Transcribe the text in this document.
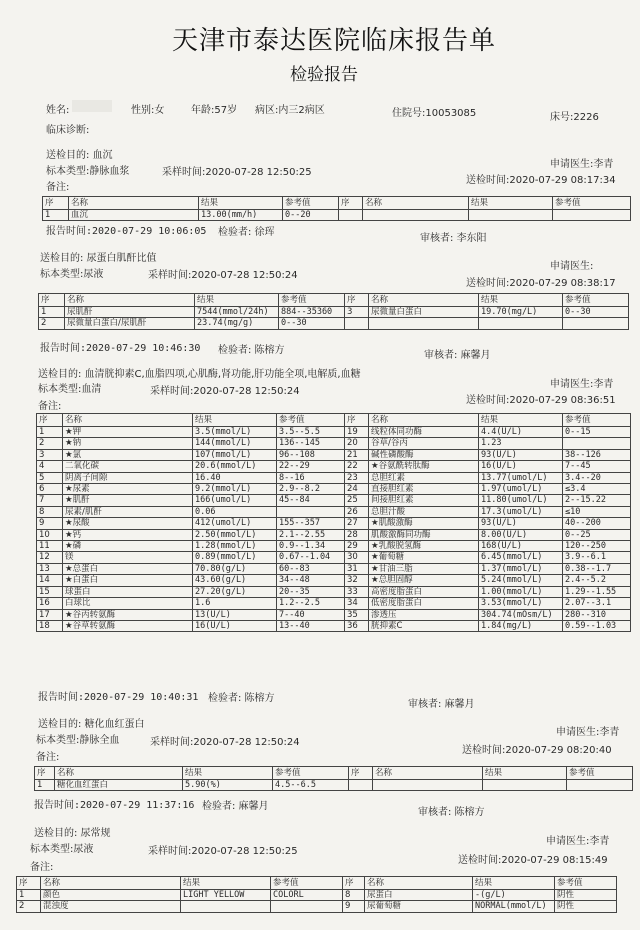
天津市泰达医院临床报告单
检验报告
姓名:	性别:女	年龄:57岁 病区:内三2病区	住院号:10053085	床号:2226
临床诊断:
送检目的: 血沉
申请医生:李青
标本类型:静脉血浆	采样时间:2020-07-28 12:50:25
送检时间:2020-07-29 08:17:34
备注:
序	名称	结果	参考值	序	名称	结果	参考值
1	血沉	13.00(mm/h)	0--20				
报告时间:2020-07-29 10:06:05 检验者: 徐珲
审核者: 李东阳
送检目的: 尿蛋白肌酐比值
申请医生:
标本类型:尿液	采样时间:2020-07-28 12:50:24
送检时间:2020-07-29 08:38:17
序	名称	结果	参考值	序	名称	结果	参考值
1	尿肌酐	7544(mmol/24h)	884--35360	3	尿微量白蛋白	19.70(mg/L)	0--30
2	尿微量白蛋白/尿肌酐	23.74(mg/g)	0--30				
报告时间:2020-07-29 10:46:30 检验者: 陈榕方	审核者: 麻馨月
送检目的: 血清胱抑素C,血脂四项,心肌酶,肾功能,肝功能全项,电解质,血糖
申请医生:李青
标本类型:血清	采样时间:2020-07-28 12:50:24
送检时间:2020-07-29 08:36:51
备注:
序	名称	结果	参考值	序	名称	结果	参考值
1	★钾	3.5(mmol/L)	3.5--5.5	19	线粒体同功酶	4.4(U/L)	0--15
2	★钠	144(mmol/L)	136--145	20	谷草/谷丙	1.23	
3	★氯	107(mmol/L)	96--108	21	碱性磷酸酶	93(U/L)	38--126
4	二氧化碳	20.6(mmol/L)	22--29	22	★谷氨酰转肽酶	16(U/L)	7--45
5	阴离子间隙	16.40	8--16	23	总胆红素	13.77(umol/L)	3.4--20
6	★尿素	9.2(mmol/L)	2.9--8.2	24	直接胆红素	1.97(umol/L)	≤3.4
7	★肌酐	166(umol/L)	45--84	25	间接胆红素	11.80(umol/L)	2--15.22
8	尿素/肌酐	0.06		26	总胆汁酸	17.3(umol/L)	≤10
9	★尿酸	412(umol/L)	155--357	27	★肌酸激酶	93(U/L)	40--200
10	★钙	2.50(mmol/L)	2.1--2.55	28	肌酸激酶同功酶	8.00(U/L)	0--25
11	★磷	1.28(mmol/L)	0.9--1.34	29	★乳酸脱氢酶	168(U/L)	120--250
12	镁	0.89(mmol/L)	0.67--1.04	30	★葡萄糖	6.45(mmol/L)	3.9--6.1
13	★总蛋白	70.80(g/L)	60--83	31	★甘油三脂	1.37(mmol/L)	0.38--1.7
14	★白蛋白	43.60(g/L)	34--48	32	★总胆固醇	5.24(mmol/L)	2.4--5.2
15	球蛋白	27.20(g/L)	20--35	33	高密度脂蛋白	1.00(mmol/L)	1.29--1.55
16	白球比	1.6	1.2--2.5	34	低密度脂蛋白	3.53(mmol/L)	2.07--3.1
17	★谷丙转氨酶	13(U/L)	7--40	35	渗透压	304.74(mOsm/L)	280--310
18	★谷草转氨酶	16(U/L)	13--40	36	胱抑素C	1.84(mg/L)	0.59--1.03
报告时间:2020-07-29 10:40:31 检验者: 陈榕方
审核者: 麻馨月
送检目的: 糖化血红蛋白
申请医生:李青
标本类型:静脉全血	采样时间:2020-07-28 12:50:24
送检时间:2020-07-29 08:20:40
备注:
序	名称	结果	参考值	序	名称	结果	参考值
1	糖化血红蛋白	5.90(%)	4.5--6.5				
报告时间:2020-07-29 11:37:16 检验者: 麻馨月
审核者: 陈榕方
送检目的: 尿常规
申请医生:李青
标本类型:尿液	采样时间:2020-07-28 12:50:25
送检时间:2020-07-29 08:15:49
备注:
序	名称	结果	参考值	序	名称	结果	参考值
1	颜色	LIGHT YELLOW	COLORL	8	尿蛋白	-(g/L)	阴性
2	混浊度			9	尿葡萄糖	NORMAL(mmol/L)	阴性
